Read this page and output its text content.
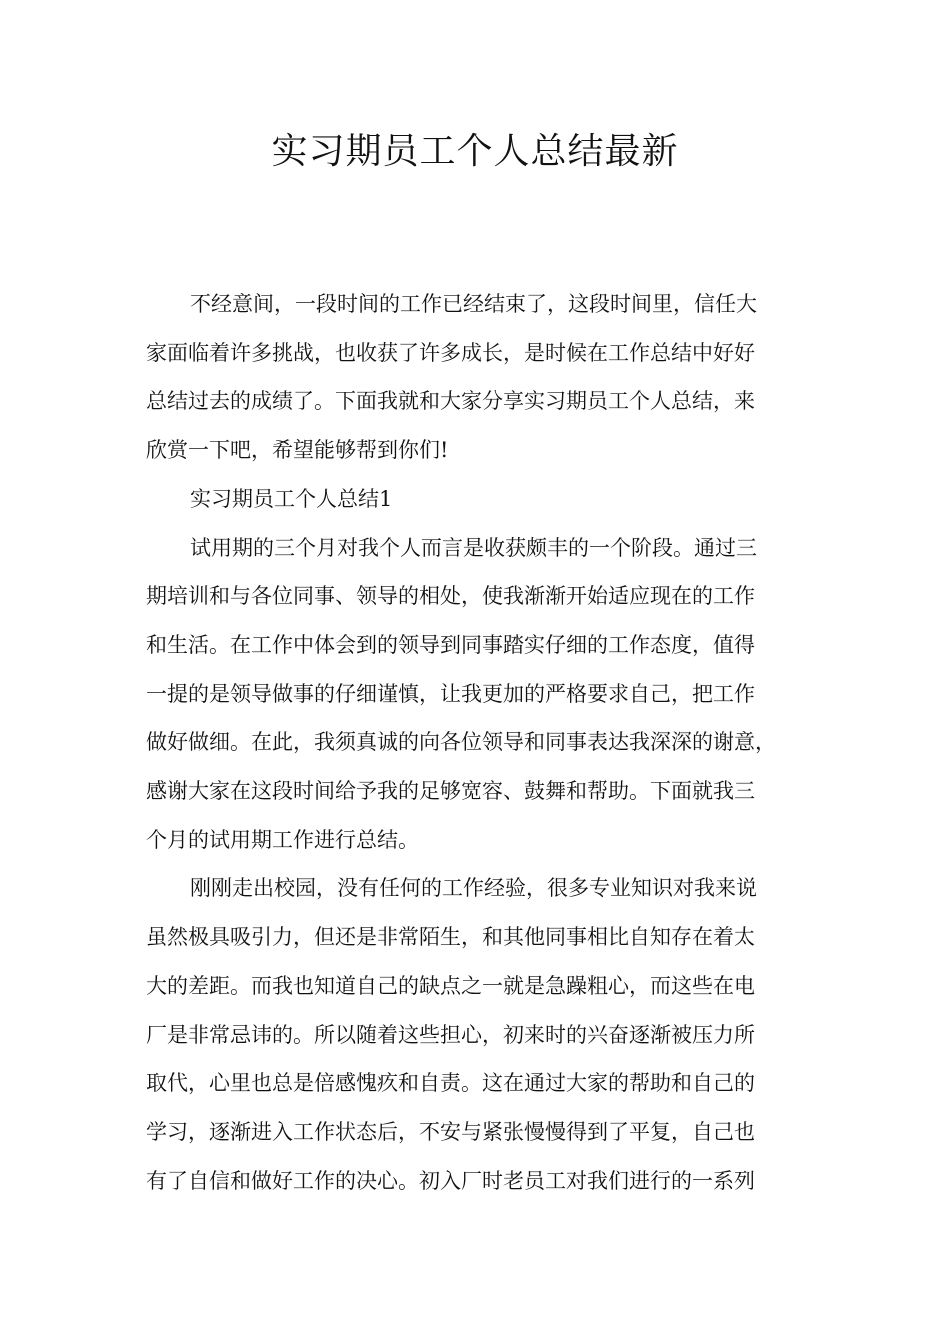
实习期员工个人总结最新

不经意间，一段时间的工作已经结束了，这段时间里，信任大
家面临着许多挑战，也收获了许多成长，是时候在工作总结中好好
总结过去的成绩了。下面我就和大家分享实习期员工个人总结，来
欣赏一下吧，希望能够帮到你们!

实习期员工个人总结1

试用期的三个月对我个人而言是收获颇丰的一个阶段。通过三
期培训和与各位同事、领导的相处，使我渐渐开始适应现在的工作
和生活。在工作中体会到的领导到同事踏实仔细的工作态度，值得
一提的是领导做事的仔细谨慎，让我更加的严格要求自己，把工作
做好做细。在此，我须真诚的向各位领导和同事表达我深深的谢意，
感谢大家在这段时间给予我的足够宽容、鼓舞和帮助。下面就我三
个月的试用期工作进行总结。

刚刚走出校园，没有任何的工作经验，很多专业知识对我来说
虽然极具吸引力，但还是非常陌生，和其他同事相比自知存在着太
大的差距。而我也知道自己的缺点之一就是急躁粗心，而这些在电
厂是非常忌讳的。所以随着这些担心，初来时的兴奋逐渐被压力所
取代，心里也总是倍感愧疚和自责。这在通过大家的帮助和自己的
学习，逐渐进入工作状态后，不安与紧张慢慢得到了平复，自己也
有了自信和做好工作的决心。初入厂时老员工对我们进行的一系列
